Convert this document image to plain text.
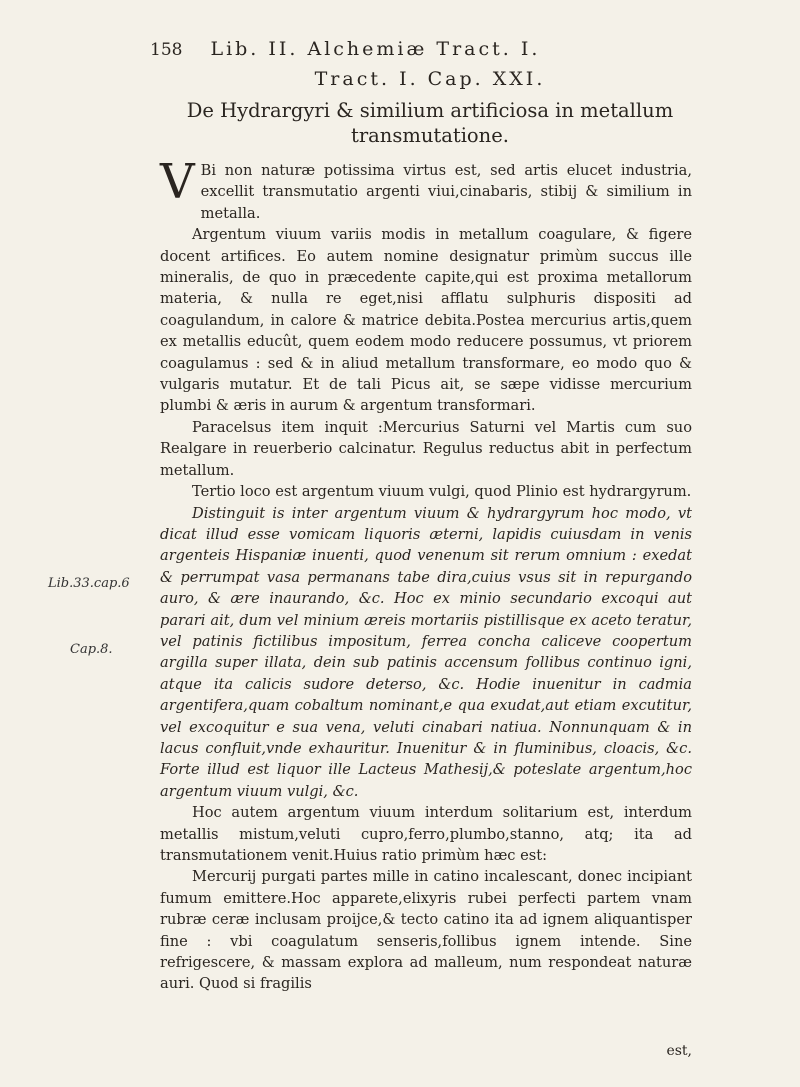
158 Lib. II. Alchemiæ Tract. I.
Tract. I. Cap. XXI.
De Hydrargyri & similium artificiosa in metallum
transmutatione.
Lib.33.cap.6
Cap.8.

V Bi non naturæ potissima virtus est, sed artis elucet industria, excellit transmutatio argenti viui,cinabaris, stibij & similium in metalla.

Argentum viuum variis modis in metallum coagulare, & figere docent artifices. Eo autem nomine designatur primùm succus ille mineralis, de quo in præcedente capite,qui est proxima metallorum materia, & nulla re eget,nisi afflatu sulphuris dispositi ad coagulandum, in calore & matrice debita.Postea mercurius artis,quem ex metallis educût, quem eodem modo reducere possumus, vt priorem coagulamus : sed & in aliud metallum transformare, eo modo quo & vulgaris mutatur. Et de tali Picus ait, se sæpe vidisse mercurium plumbi & æris in aurum & argentum transformari.

Paracelsus item inquit :Mercurius Saturni vel Martis cum suo Realgare in reuerberio calcinatur. Regulus reductus abit in perfectum metallum.

Tertio loco est argentum viuum vulgi, quod Plinio est hydrargyrum.

Distinguit is inter argentum viuum & hydrargyrum hoc modo, vt dicat illud esse vomicam liquoris æterni, lapidis cuiusdam in venis argenteis Hispaniæ inuenti, quod venenum sit rerum omnium : exedat & perrumpat vasa permanans tabe dira,cuius vsus sit in repurgando auro, & ære inaurando, &c. Hoc ex minio secundario excoqui aut parari ait, dum vel minium æreis mortariis pistillisque ex aceto teratur, vel patinis fictilibus impositum, ferrea concha caliceve coopertum argilla super illata, dein sub patinis accensum follibus continuo igni, atque ita calicis sudore deterso, &c. Hodie inuenitur in cadmia argentifera,quam cobaltum nominant,e qua exudat,aut etiam excutitur, vel excoquitur e sua vena, veluti cinabari natiua. Nonnunquam & in lacus confluit,vnde exhauritur. Inuenitur & in fluminibus, cloacis, &c. Forte illud est liquor ille Lacteus Mathesij,& poteslate argentum,hoc argentum viuum vulgi, &c.

Hoc autem argentum viuum interdum solitarium est, interdum metallis mistum,veluti cupro,ferro,plumbo,stanno, atq; ita ad transmutationem venit.Huius ratio primùm hæc est:

Mercurij purgati partes mille in catino incalescant, donec incipiant fumum emittere.Hoc apparete,elixyris rubei perfecti partem vnam rubræ ceræ inclusam proijce,& tecto catino ita ad ignem aliquantisper fine : vbi coagulatum senseris,follibus ignem intende. Sine refrigescere, & massam explora ad malleum, num respondeat naturæ auri. Quod si fragilis

est,
